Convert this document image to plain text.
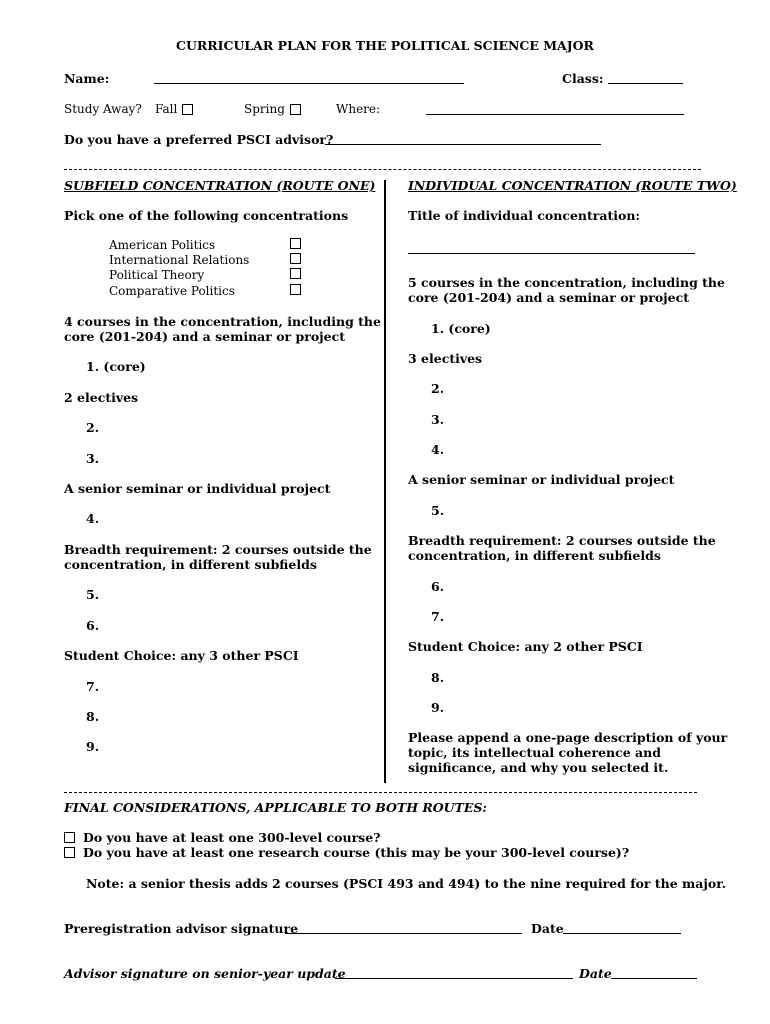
CURRICULAR PLAN FOR THE POLITICAL SCIENCE MAJOR
Name:	Class:
Study Away? Fall	Spring	Where:
Do you have a preferred PSCI advisor?
SUBFIELD CONCENTRATION (ROUTE ONE)
Pick one of the following concentrations
American Politics
International Relations
Political Theory
Comparative Politics
4 courses in the concentration, including the
core (201-204) and a seminar or project
1. (core)
2 electives
2.
3.
A senior seminar or individual project
4.
Breadth requirement: 2 courses outside the
concentration, in different subfields
5.
6.
Student Choice: any 3 other PSCI
7.
8.
9.
INDIVIDUAL CONCENTRATION (ROUTE TWO)
Title of individual concentration:
5 courses in the concentration, including the
core (201-204) and a seminar or project
1. (core)
3 electives
2.
3.
4.
A senior seminar or individual project
5.
Breadth requirement: 2 courses outside the
concentration, in different subfields
6.
7.
Student Choice: any 2 other PSCI
8.
9.
Please append a one-page description of your
topic, its intellectual coherence and
significance, and why you selected it.
FINAL CONSIDERATIONS, APPLICABLE TO BOTH ROUTES:
Do you have at least one 300-level course?
Do you have at least one research course (this may be your 300-level course)?
Note: a senior thesis adds 2 courses (PSCI 493 and 494) to the nine required for the major.
Preregistration advisor signature	Date
Advisor signature on senior-year update	Date
